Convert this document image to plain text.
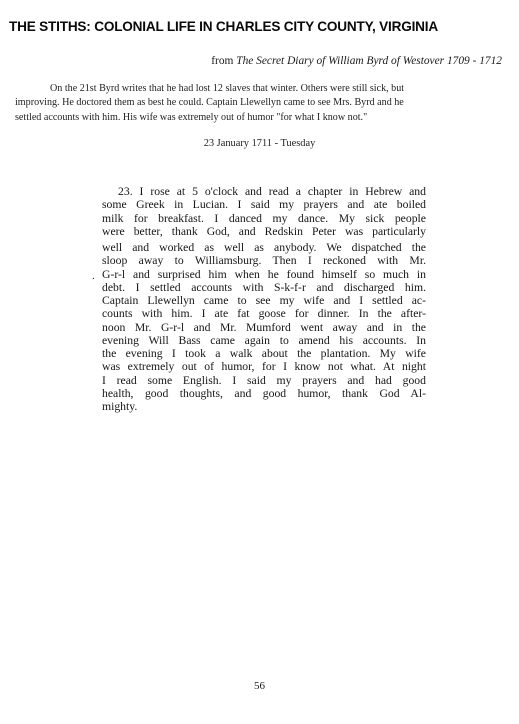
THE STITHS: COLONIAL LIFE IN CHARLES CITY COUNTY, VIRGINIA
from The Secret Diary of William Byrd of Westover 1709 - 1712
On the 21st Byrd writes that he had lost 12 slaves that winter. Others were still sick, but
improving. He doctored them as best he could. Captain Llewellyn came to see Mrs. Byrd and he
settled accounts with him. His wife was extremely out of humor "for what I know not."
23 January 1711 - Tuesday
23. I rose at 5 o'clock and read a chapter in Hebrew and
some Greek in Lucian. I said my prayers and ate boiled
milk for breakfast. I danced my dance. My sick people
were better, thank God, and Redskin Peter was particularly
well and worked as well as anybody. We dispatched the
sloop away to Williamsburg. Then I reckoned with Mr.
G-r-l and surprised him when he found himself so much in
debt. I settled accounts with S-k-f-r and discharged him.
Captain Llewellyn came to see my wife and I settled ac-
counts with him. I ate fat goose for dinner. In the after-
noon Mr. G-r-l and Mr. Mumford went away and in the
evening Will Bass came again to amend his accounts. In
the evening I took a walk about the plantation. My wife
was extremely out of humor, for I know not what. At night
I read some English. I said my prayers and had good
health, good thoughts, and good humor, thank God Al-
mighty.
.
56
